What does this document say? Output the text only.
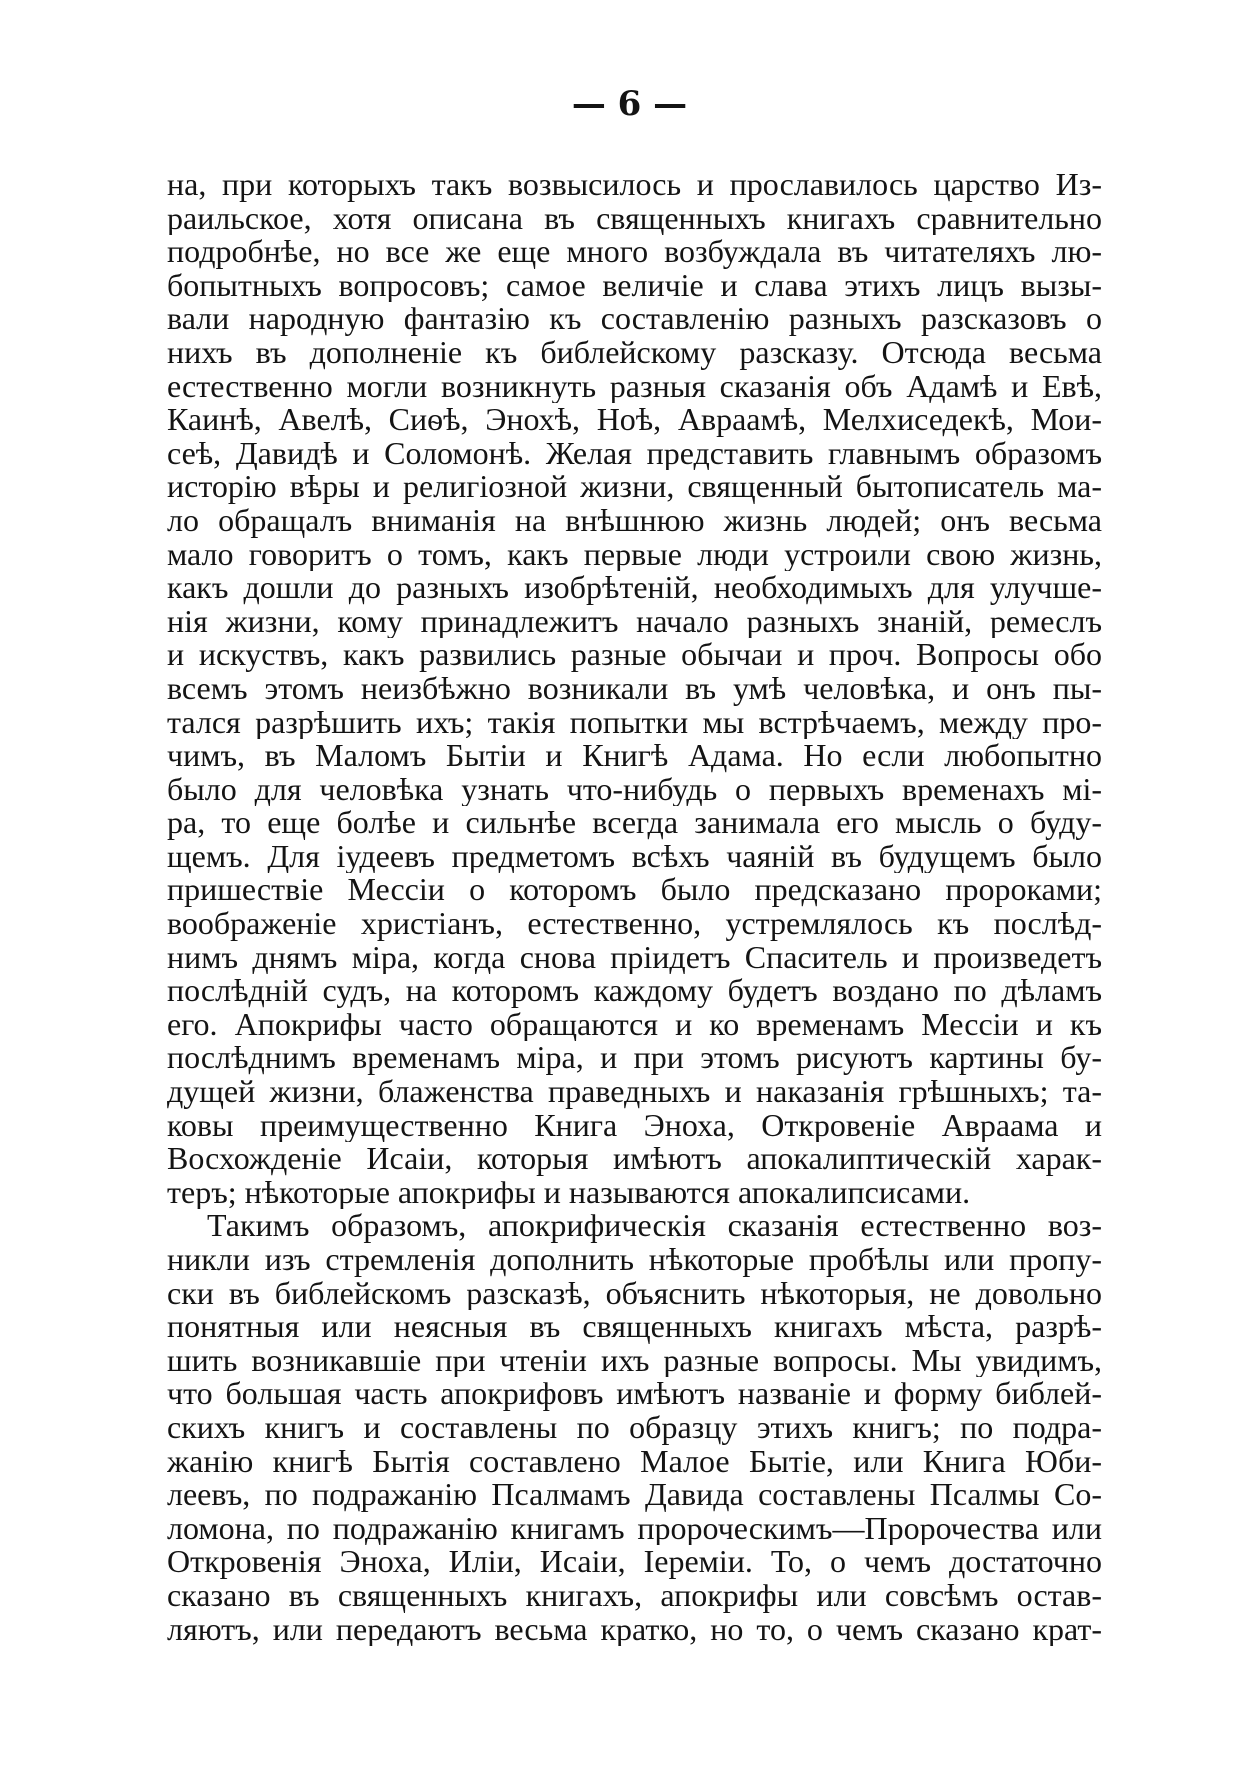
— 6 —
на, при которыхъ такъ возвысилось и прославилось царство Из-
раильское, хотя описана въ священныхъ книгахъ сравнительно
подробнѣе, но все же еще много возбуждала въ читателяхъ лю-
бопытныхъ вопросовъ; самое величіе и слава этихъ лицъ вызы-
вали народную фантазію къ составленію разныхъ разсказовъ о
нихъ въ дополненіе къ библейскому разсказу. Отсюда весьма
естественно могли возникнуть разныя сказанія объ Адамѣ и Евѣ,
Каинѣ, Авелѣ, Сиѳѣ, Энохѣ, Ноѣ, Авраамѣ, Мелхиседекѣ, Мои-
сеѣ, Давидѣ и Соломонѣ. Желая представить главнымъ образомъ
исторію вѣры и религіозной жизни, священный бытописатель ма-
ло обращалъ вниманія на внѣшнюю жизнь людей; онъ весьма
мало говоритъ о томъ, какъ первые люди устроили свою жизнь,
какъ дошли до разныхъ изобрѣтеній, необходимыхъ для улучше-
нія жизни, кому принадлежитъ начало разныхъ знаній, ремеслъ
и искуствъ, какъ развились разные обычаи и проч. Вопросы обо
всемъ этомъ неизбѣжно возникали въ умѣ человѣка, и онъ пы-
тался разрѣшить ихъ; такія попытки мы встрѣчаемъ, между про-
чимъ, въ Маломъ Бытіи и Книгѣ Адама. Но если любопытно
было для человѣка узнать что-нибудь о первыхъ временахъ мі-
ра, то еще болѣе и сильнѣе всегда занимала его мысль о буду-
щемъ. Для іудеевъ предметомъ всѣхъ чаяній въ будущемъ было
пришествіе Мессіи о которомъ было предсказано пророками;
воображеніе христіанъ, естественно, устремлялось къ послѣд-
нимъ днямъ міра, когда снова пріидетъ Спаситель и произведетъ
послѣдній судъ, на которомъ каждому будетъ воздано по дѣламъ
его. Апокрифы часто обращаются и ко временамъ Мессіи и къ
послѣднимъ временамъ міра, и при этомъ рисуютъ картины бу-
дущей жизни, блаженства праведныхъ и наказанія грѣшныхъ; та-
ковы преимущественно Книга Эноха, Откровеніе Авраама и
Восхожденіе Исаіи, которыя имѣютъ апокалиптическій харак-
теръ; нѣкоторые апокрифы и называются апокалипсисами.
Такимъ образомъ, апокрифическія сказанія естественно воз-
никли изъ стремленія дополнить нѣкоторые пробѣлы или пропу-
ски въ библейскомъ разсказѣ, объяснить нѣкоторыя, не довольно
понятныя или неясныя въ священныхъ книгахъ мѣста, разрѣ-
шить возникавшіе при чтеніи ихъ разные вопросы. Мы увидимъ,
что большая часть апокрифовъ имѣютъ названіе и форму библей-
скихъ книгъ и составлены по образцу этихъ книгъ; по подра-
жанію книгѣ Бытія составлено Малое Бытіе, или Книга Юби-
леевъ, по подражанію Псалмамъ Давида составлены Псалмы Со-
ломона, по подражанію книгамъ пророческимъ—Пророчества или
Откровенія Эноха, Иліи, Исаіи, Іереміи. То, о чемъ достаточно
сказано въ священныхъ книгахъ, апокрифы или совсѣмъ остав-
ляютъ, или передаютъ весьма кратко, но то, о чемъ сказано крат-
